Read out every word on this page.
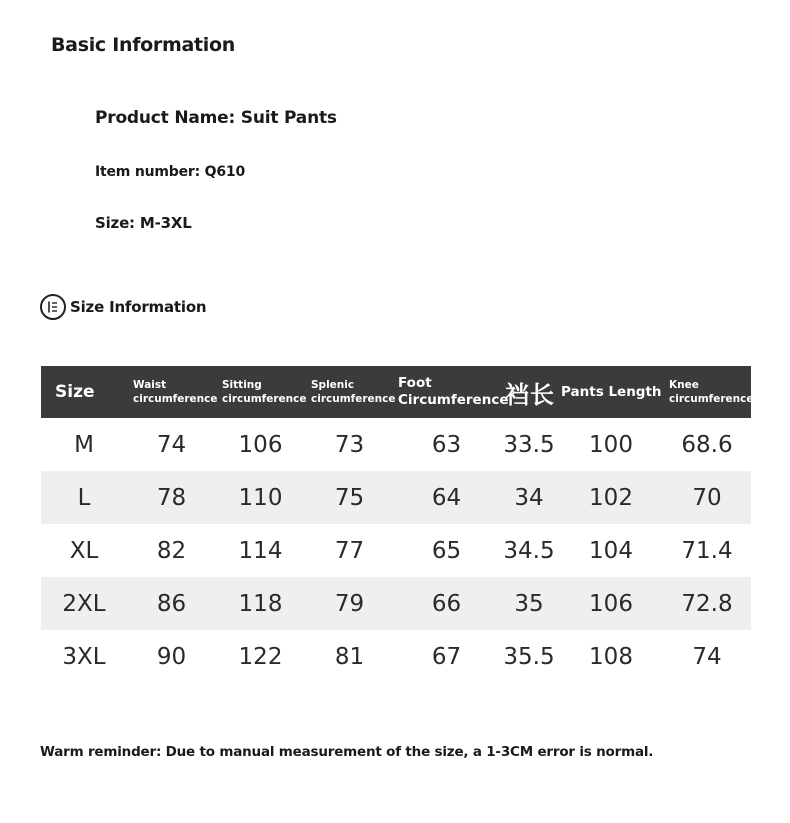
Basic Information
Product Name: Suit Pants
Item number: Q610
Size: M-3XL
Size Information
Size	Waist circumference	Sitting circumference	Splenic circumference	Foot Circumference	裆长	Pants Length	Knee circumference
M	74	106	73	63	33.5	100	68.6
L	78	110	75	64	34	102	70
XL	82	114	77	65	34.5	104	71.4
2XL	86	118	79	66	35	106	72.8
3XL	90	122	81	67	35.5	108	74
Warm reminder: Due to manual measurement of the size, a 1-3CM error is normal.
